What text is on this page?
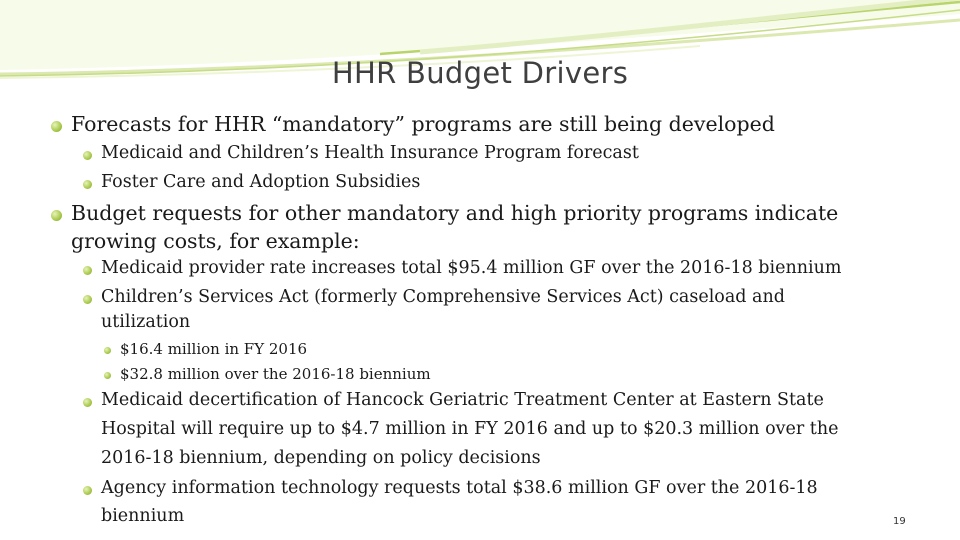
HHR Budget Drivers
Forecasts for HHR “mandatory” programs are still being developed
Medicaid and Children’s Health Insurance Program forecast
Foster Care and Adoption Subsidies
Budget requests for other mandatory and high priority programs indicate
growing costs, for example:
Medicaid provider rate increases total $95.4 million GF over the 2016-18 biennium
Children’s Services Act (formerly Comprehensive Services Act) caseload and
utilization
$16.4 million in FY 2016
$32.8 million over the 2016-18 biennium
Medicaid decertification of Hancock Geriatric Treatment Center at Eastern State
Hospital will require up to $4.7 million in FY 2016 and up to $20.3 million over the
2016-18 biennium, depending on policy decisions
Agency information technology requests total $38.6 million GF over the 2016-18
biennium	19
